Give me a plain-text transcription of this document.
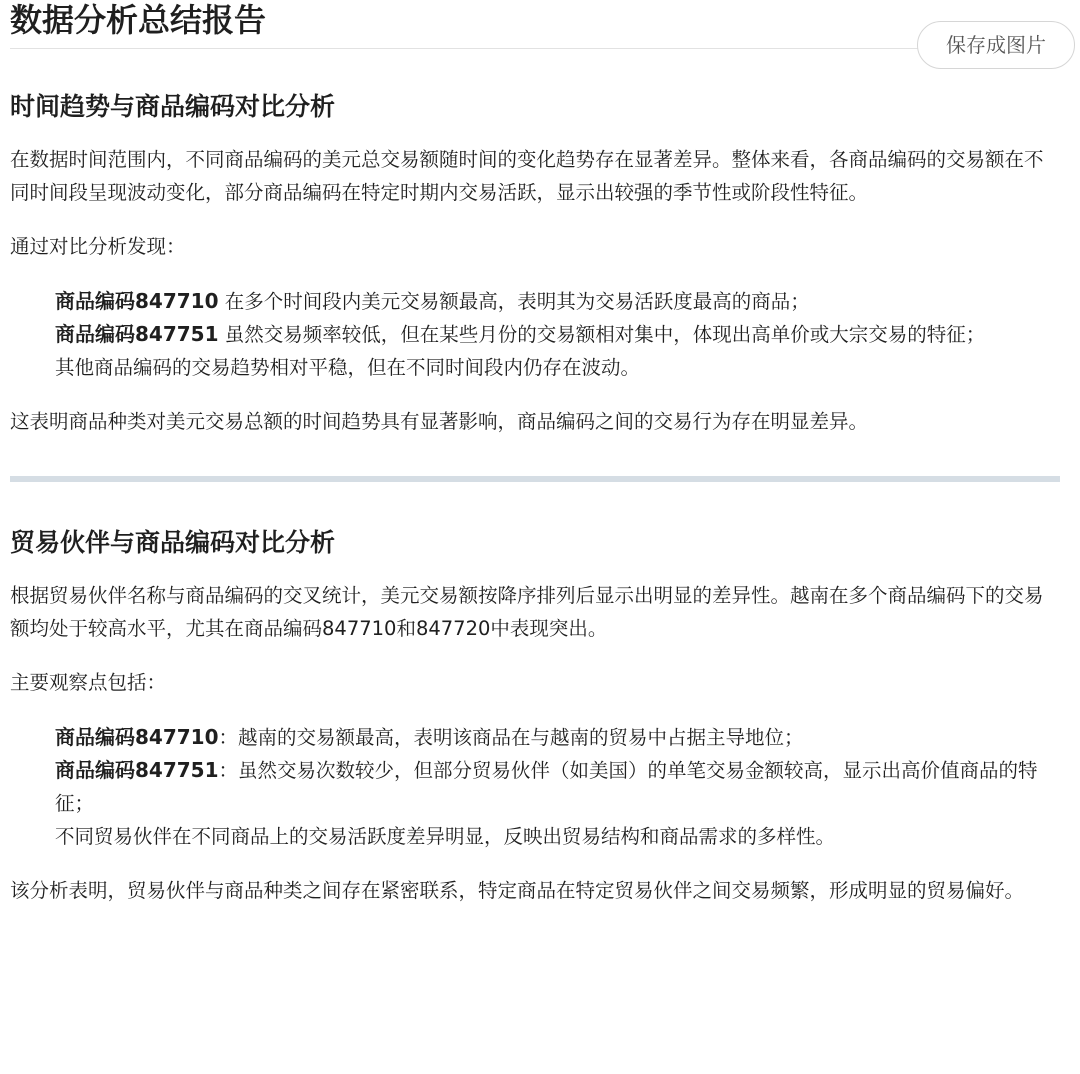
数据分析总结报告
保存成图片
时间趋势与商品编码对比分析

在数据时间范围内，不同商品编码的美元总交易额随时间的变化趋势存在显著差异。整体来看，各商品编码的交易额在不同时间段呈现波动变化，部分商品编码在特定时期内交易活跃，显示出较强的季节性或阶段性特征。

通过对比分析发现：

商品编码847710 在多个时间段内美元交易额最高，表明其为交易活跃度最高的商品；
商品编码847751 虽然交易频率较低，但在某些月份的交易额相对集中，体现出高单价或大宗交易的特征；
其他商品编码的交易趋势相对平稳，但在不同时间段内仍存在波动。

这表明商品种类对美元交易总额的时间趋势具有显著影响，商品编码之间的交易行为存在明显差异。

贸易伙伴与商品编码对比分析

根据贸易伙伴名称与商品编码的交叉统计，美元交易额按降序排列后显示出明显的差异性。越南在多个商品编码下的交易额均处于较高水平，尤其在商品编码847710和847720中表现突出。

主要观察点包括：

商品编码847710：越南的交易额最高，表明该商品在与越南的贸易中占据主导地位；
商品编码847751：虽然交易次数较少，但部分贸易伙伴（如美国）的单笔交易金额较高，显示出高价值商品的特征；
不同贸易伙伴在不同商品上的交易活跃度差异明显，反映出贸易结构和商品需求的多样性。

该分析表明，贸易伙伴与商品种类之间存在紧密联系，特定商品在特定贸易伙伴之间交易频繁，形成明显的贸易偏好。
